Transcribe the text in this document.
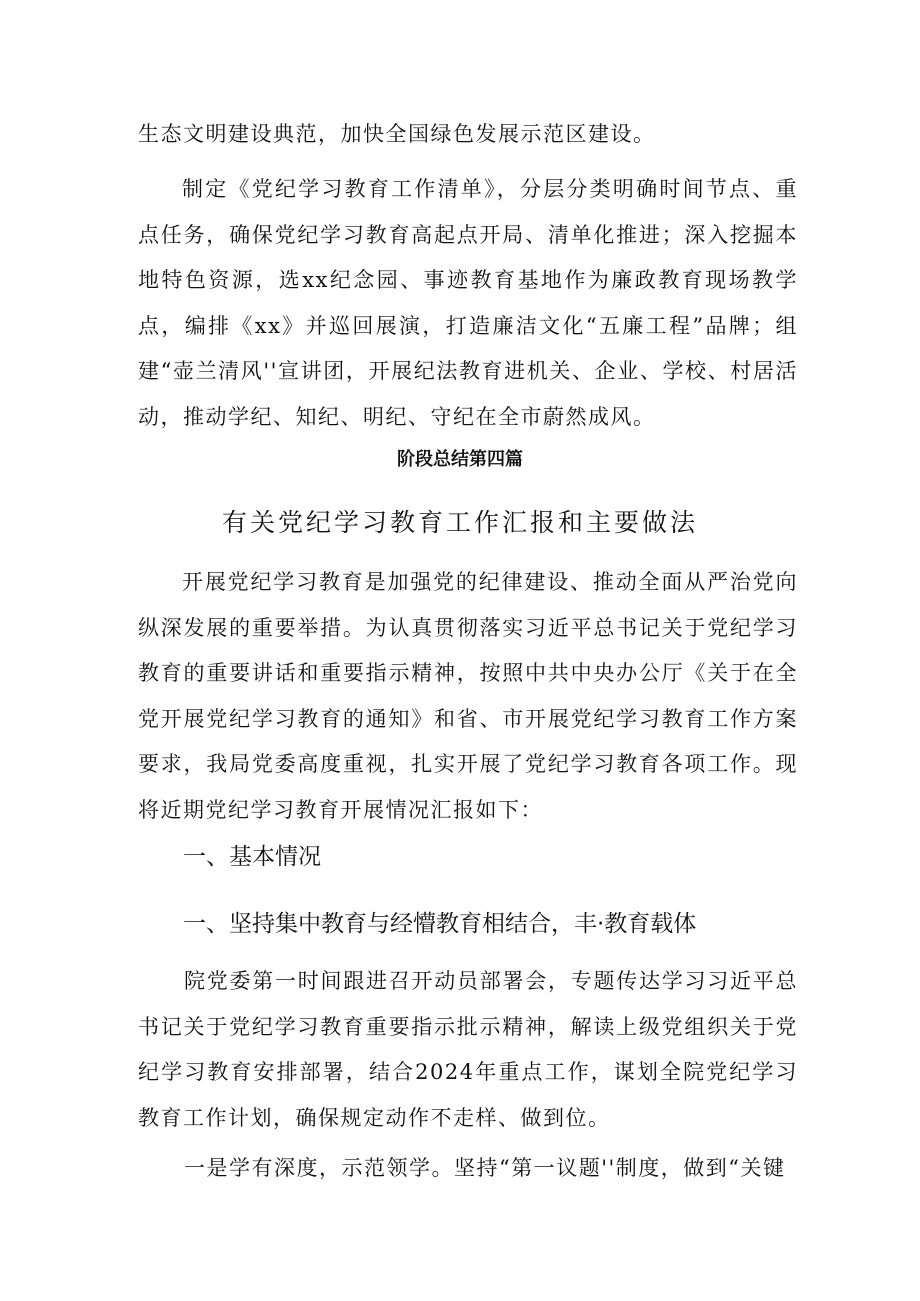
生态文明建设典范，加快全国绿色发展示范区建设。

制定《党纪学习教育工作清单》，分层分类明确时间节点、重点任务，确保党纪学习教育高起点开局、清单化推进；深入挖掘本地特色资源，选xx纪念园、事迹教育基地作为廉政教育现场教学点，编排《xx》并巡回展演，打造廉洁文化“五廉工程”品牌；组建“壶兰清风''宣讲团，开展纪法教育进机关、企业、学校、村居活动，推动学纪、知纪、明纪、守纪在全市蔚然成风。

阶段总结第四篇

有关党纪学习教育工作汇报和主要做法

开展党纪学习教育是加强党的纪律建设、推动全面从严治党向纵深发展的重要举措。为认真贯彻落实习近平总书记关于党纪学习教育的重要讲话和重要指示精神，按照中共中央办公厅《关于在全党开展党纪学习教育的通知》和省、市开展党纪学习教育工作方案要求，我局党委高度重视，扎实开展了党纪学习教育各项工作。现将近期党纪学习教育开展情况汇报如下：

一、基本情况

一、坚持集中教育与经懵教育相结合，丰·教育载体

院党委第一时间跟进召开动员部署会，专题传达学习习近平总书记关于党纪学习教育重要指示批示精神，解读上级党组织关于党纪学习教育安排部署，结合2024年重点工作，谋划全院党纪学习教育工作计划，确保规定动作不走样、做到位。

一是学有深度，示范领学。坚持“第一议题''制度，做到“关键
